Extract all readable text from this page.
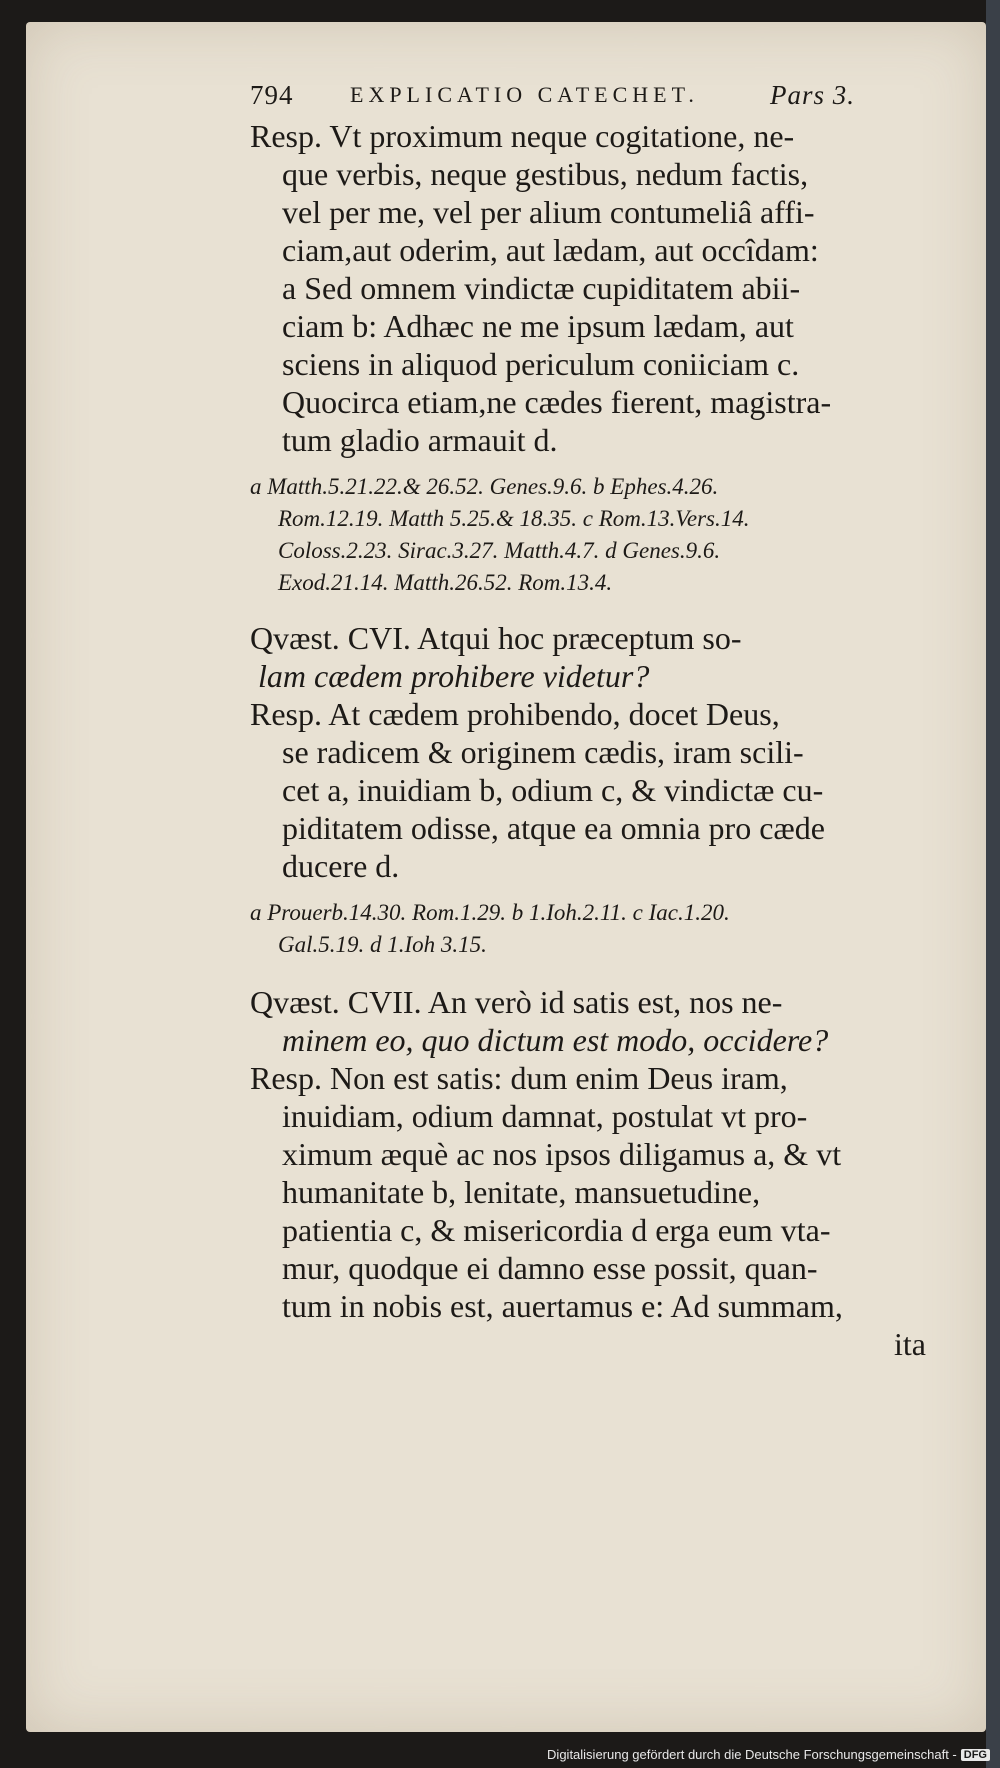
794	EXPLICATIO CATECHET.	Pars 3.
Resp. Vt proximum neque cogitatione, ne-
que verbis, neque gestibus, nedum factis,
vel per me, vel per alium contumeliâ affi-
ciam,aut oderim, aut lædam, aut occîdam:
a Sed omnem vindictæ cupiditatem abii-
ciam b: Adhæc ne me ipsum lædam, aut
sciens in aliquod periculum coniiciam c.
Quocirca etiam,ne cædes fierent, magistra-
tum gladio armauit d.
a Matth.5.21.22.& 26.52. Genes.9.6. b Ephes.4.26.
Rom.12.19. Matth 5.25.& 18.35. c Rom.13.Vers.14.
Coloss.2.23. Sirac.3.27. Matth.4.7. d Genes.9.6.
Exod.21.14. Matth.26.52. Rom.13.4.
Qvæst. CVI. Atqui hoc præceptum so-
lam cædem prohibere videtur?
Resp. At cædem prohibendo, docet Deus,
se radicem & originem cædis, iram scili-
cet a, inuidiam b, odium c, & vindictæ cu-
piditatem odisse, atque ea omnia pro cæde
ducere d.
a Prouerb.14.30. Rom.1.29. b 1.Ioh.2.11. c Iac.1.20.
Gal.5.19. d 1.Ioh 3.15.
Qvæst. CVII. An verò id satis est, nos ne-
minem eo, quo dictum est modo, occidere?
Resp. Non est satis: dum enim Deus iram,
inuidiam, odium damnat, postulat vt pro-
ximum æquè ac nos ipsos diligamus a, & vt
humanitate b, lenitate, mansuetudine,
patientia c, & misericordia d erga eum vta-
mur, quodque ei damno esse possit, quan-
tum in nobis est, auertamus e: Ad summam,
ita
Digitalisierung gefördert durch die Deutsche Forschungsgemeinschaft - DFG
